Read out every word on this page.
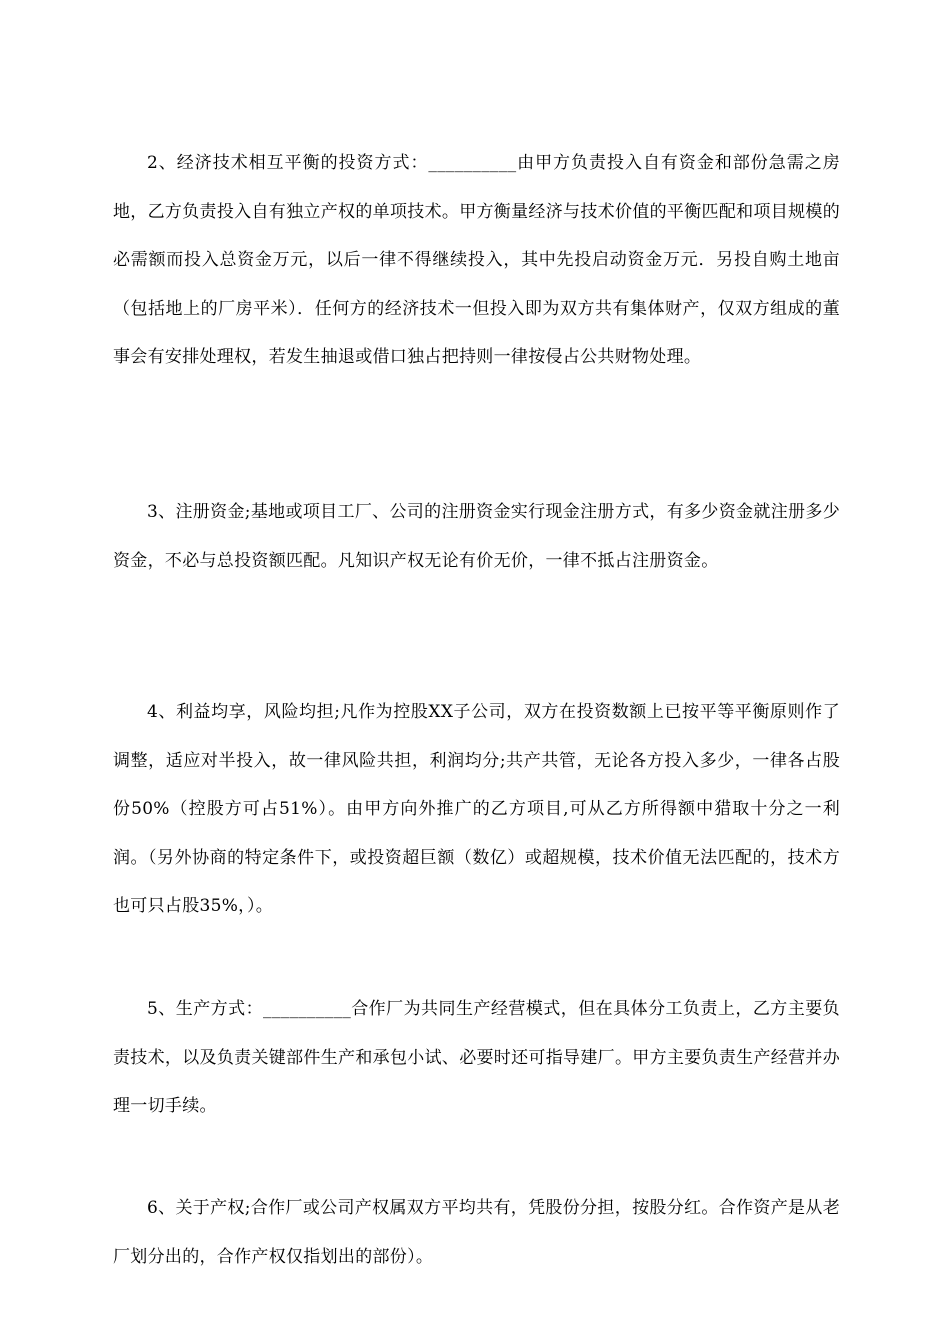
2、经济技术相互平衡的投资方式：__________由甲方负责投入自有资金和部份急需之房地，乙方负责投入自有独立产权的单项技术。甲方衡量经济与技术价值的平衡匹配和项目规模的必需额而投入总资金万元，以后一律不得继续投入，其中先投启动资金万元．另投自购土地亩（包括地上的厂房平米）．任何方的经济技术一但投入即为双方共有集体财产，仅双方组成的董事会有安排处理权，若发生抽退或借口独占把持则一律按侵占公共财物处理。

3、注册资金;基地或项目工厂、公司的注册资金实行现金注册方式，有多少资金就注册多少资金，不必与总投资额匹配。凡知识产权无论有价无价，一律不抵占注册资金。

4、利益均享，风险均担;凡作为控股XX子公司，双方在投资数额上已按平等平衡原则作了调整，适应对半投入，故一律风险共担，利润均分;共产共管，无论各方投入多少，一律各占股份50%（控股方可占51%）。由甲方向外推广的乙方项目,可从乙方所得额中猎取十分之一利润。（另外协商的特定条件下，或投资超巨额（数亿）或超规模，技术价值无法匹配的，技术方也可只占股35%，）。

5、生产方式：__________合作厂为共同生产经营模式，但在具体分工负责上，乙方主要负责技术，以及负责关键部件生产和承包小试、必要时还可指导建厂。甲方主要负责生产经营并办理一切手续。

6、关于产权;合作厂或公司产权属双方平均共有，凭股份分担，按股分红。合作资产是从老厂划分出的，合作产权仅指划出的部份）。
